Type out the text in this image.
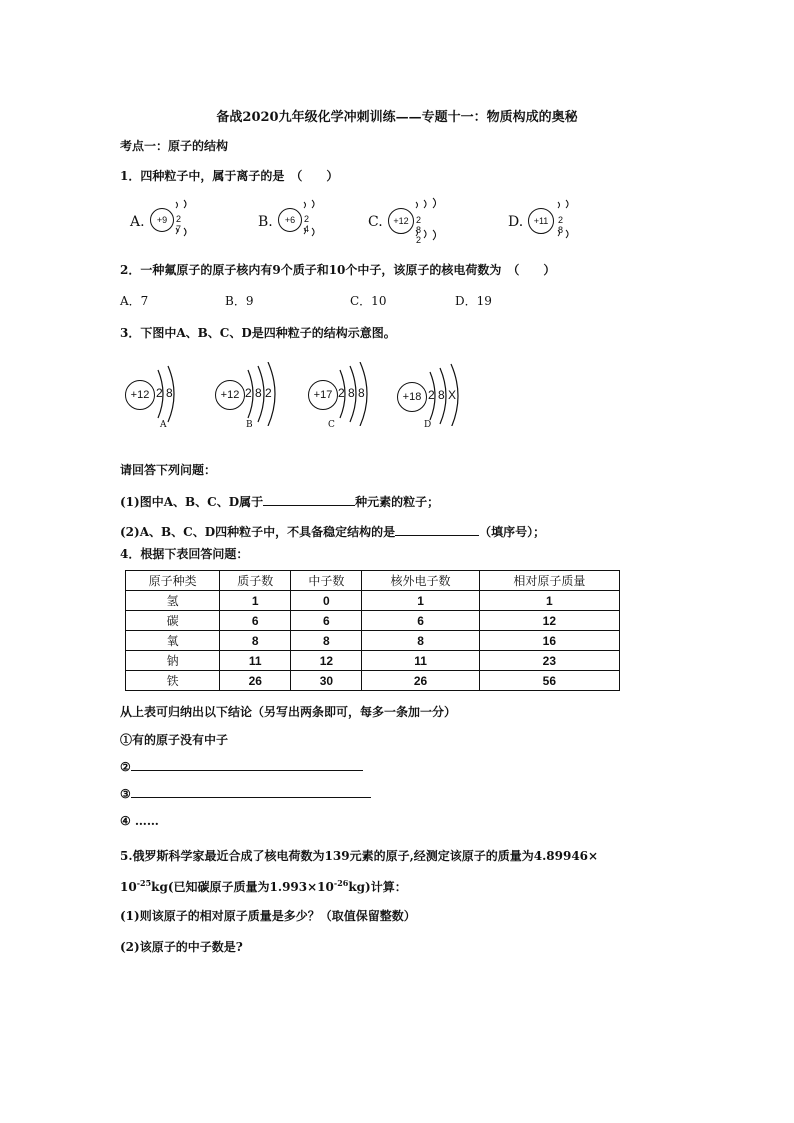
备战2020九年级化学冲刺训练——专题十一：物质构成的奥秘
考点一：原子的结构
1．四种粒子中，属于离子的是　（　　）
A.	+9 2 7	B.	+6 2 4	C.	+12 2 8 2
D.	+11	2 8
2．一种氟原子的原子核内有9个质子和10个中子，该原子的核电荷数为　（　　）
A．7	B．9	C．10	D．19
3．下图中A、B、C、D是四种粒子的结构示意图。
+12 2 8
A
+12 2 8 2
B
+17 2 8 8
C
+18 2 8 X
D
请回答下列问题：
(1)图中A、B、C、D属于	种元素的粒子；
(2)A、B、C、D四种粒子中，不具备稳定结构的是	（填序号）；
4．根据下表回答问题：
原子种类	质子数	中子数	核外电子数	相对原子质量
氢	1	0	1	1
碳	6	6	6	12
氧	8	8	8	16
钠	11	12	11	23
铁	26	30	26	56
从上表可归纳出以下结论（另写出两条即可，每多一条加一分）
①有的原子没有中子
②
③
④ ……
5.俄罗斯科学家最近合成了核电荷数为139元素的原子,经测定该原子的质量为4.89946×
$10^{-25}kg$(已知碳原子质量为$1.993\times 10^{-26}kg$)计算：
(1)则该原子的相对原子质量是多少？（取值保留整数）
(2)该原子的中子数是?
